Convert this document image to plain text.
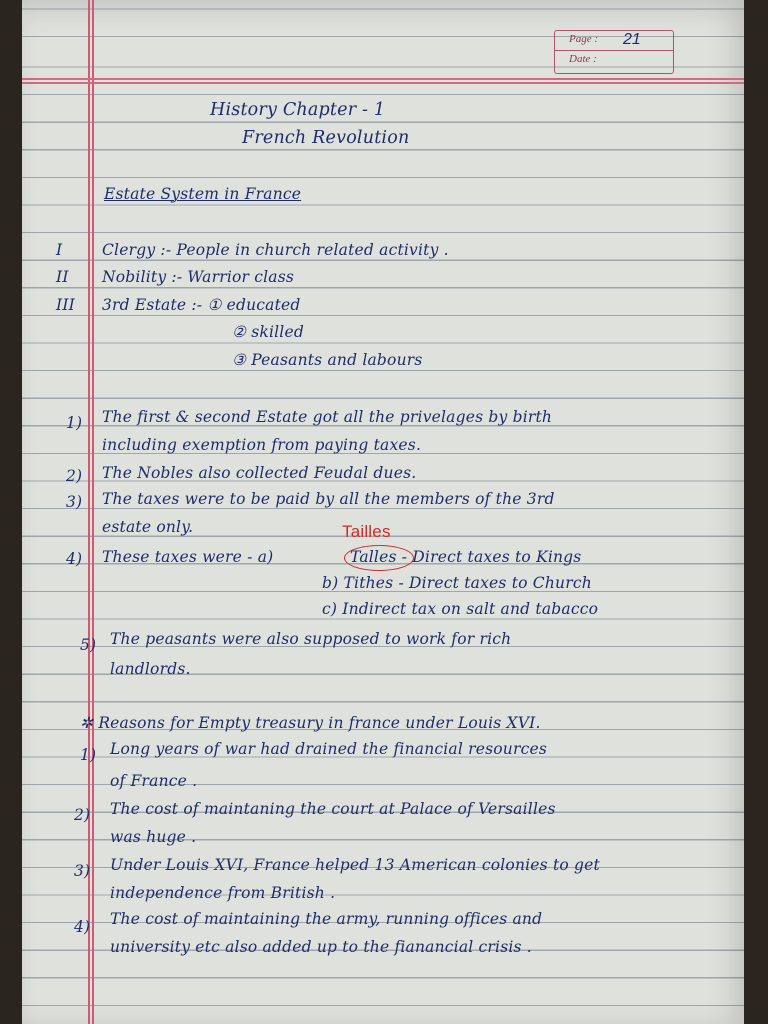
Page : 21
Date :
History Chapter - 1
French Revolution
Estate System in France
I	Clergy :- People in church related activity .
II Nobility :- Warrior class
III 3rd Estate :- ① educated
② skilled
③ Peasants and labours
1) The first & second Estate got all the privelages by birth
including exemption from paying taxes.
2) The Nobles also collected Feudal dues.
3) The taxes were to be paid by all the members of the 3rd
estate only.	Tailles
4) These taxes were - a)	Talles - Direct taxes to Kings
b) Tithes - Direct taxes to Church
c) Indirect tax on salt and tabacco
5) The peasants were also supposed to work for rich
landlords.
✲ Reasons for Empty treasury in france under Louis XVI.
1) Long years of war had drained the financial resources
of France .
2) The cost of maintaning the court at Palace of Versailles
was huge .
3) Under Louis XVI, France helped 13 American colonies to get
independence from British .
4) The cost of maintaining the army, running offices and
university etc also added up to the fianancial crisis .
